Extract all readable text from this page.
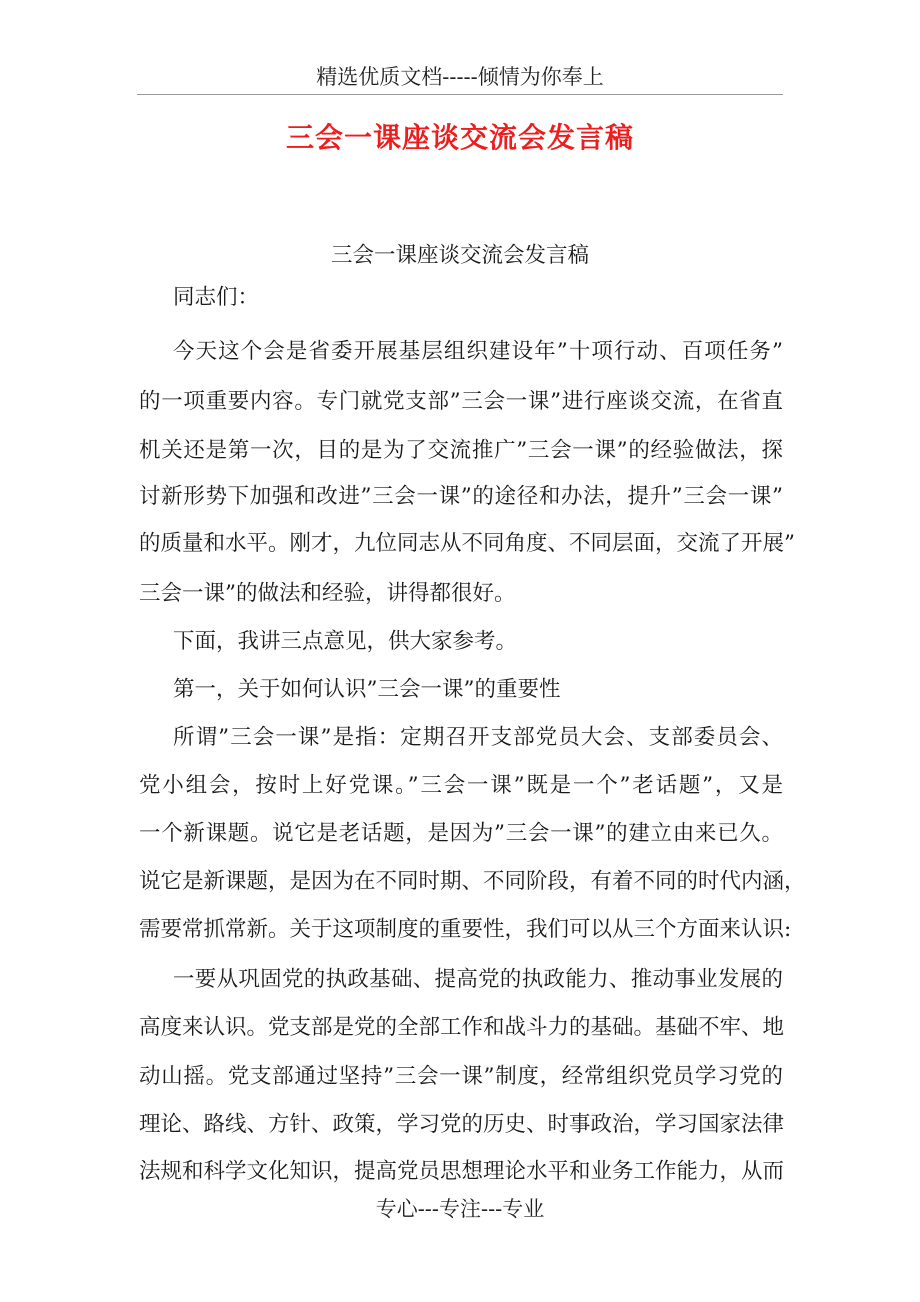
精选优质文档-----倾情为你奉上
三会一课座谈交流会发言稿
三会一课座谈交流会发言稿
同志们：
今天这个会是省委开展基层组织建设年”十项行动、百项任务”
的一项重要内容。专门就党支部”三会一课”进行座谈交流，在省直
机关还是第一次，目的是为了交流推广”三会一课”的经验做法，探
讨新形势下加强和改进”三会一课”的途径和办法，提升”三会一课”
的质量和水平。刚才，九位同志从不同角度、不同层面，交流了开展”
三会一课”的做法和经验，讲得都很好。
下面，我讲三点意见，供大家参考。
第一，关于如何认识”三会一课”的重要性
所谓”三会一课”是指：定期召开支部党员大会、支部委员会、
党小组会，按时上好党课。”三会一课”既是一个”老话题”，又是
一个新课题。说它是老话题，是因为”三会一课”的建立由来已久。
说它是新课题，是因为在不同时期、不同阶段，有着不同的时代内涵，
需要常抓常新。关于这项制度的重要性，我们可以从三个方面来认识:
一要从巩固党的执政基础、提高党的执政能力、推动事业发展的
高度来认识。党支部是党的全部工作和战斗力的基础。基础不牢、地
动山摇。党支部通过坚持”三会一课”制度，经常组织党员学习党的
理论、路线、方针、政策，学习党的历史、时事政治，学习国家法律
法规和科学文化知识，提高党员思想理论水平和业务工作能力，从而
专心---专注---专业
